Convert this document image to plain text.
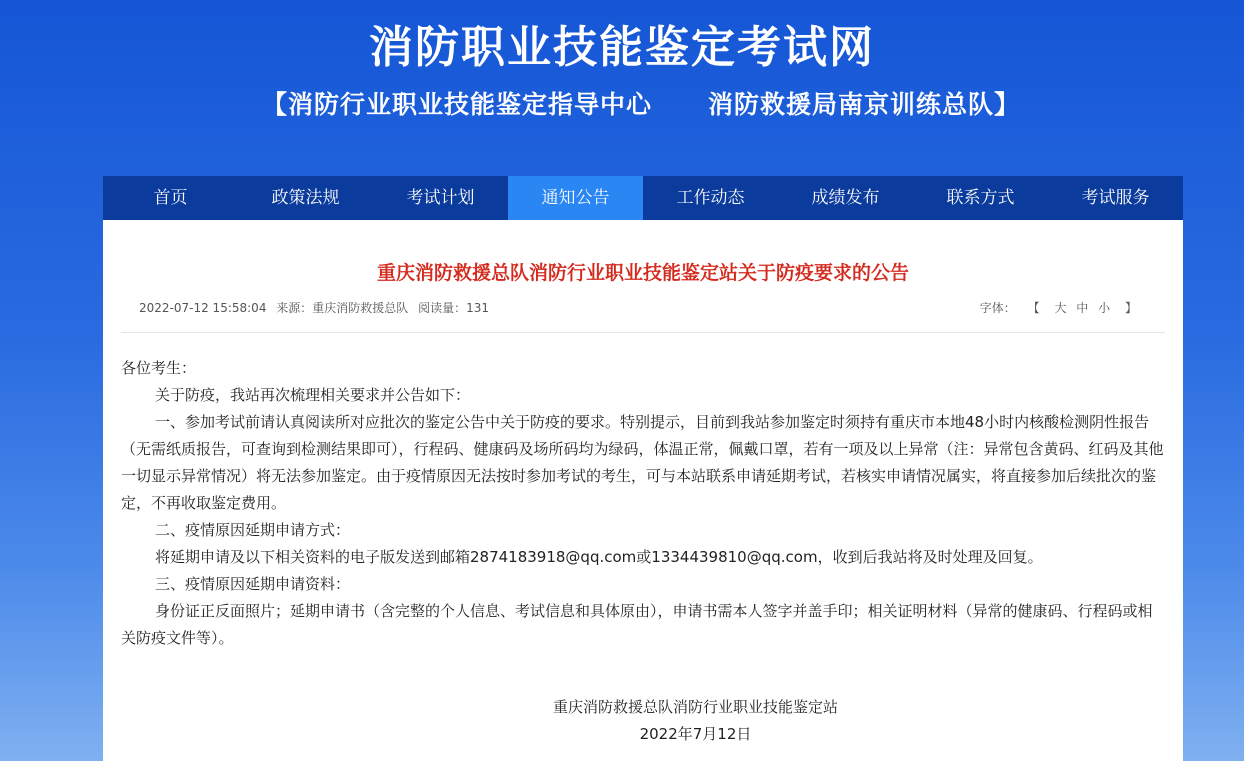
消防职业技能鉴定考试网
【消防行业职业技能鉴定指导中心 消防救援局南京训练总队】
首页	政策法规	考试计划	通知公告	工作动态	成绩发布	联系方式	考试服务
重庆消防救援总队消防行业职业技能鉴定站关于防疫要求的公告
2022-07-12 15:58:04 来源：重庆消防救援总队 阅读量：131	字体： 【 大 中 小 】

各位考生：

关于防疫，我站再次梳理相关要求并公告如下：

一、参加考试前请认真阅读所对应批次的鉴定公告中关于防疫的要求。特别提示，目前到我站参加鉴定时须持有重庆市本地48小时内核酸检测阴性报告（无需纸质报告，可查询到检测结果即可），行程码、健康码及场所码均为绿码，体温正常，佩戴口罩，若有一项及以上异常（注：异常包含黄码、红码及其他一切显示异常情况）将无法参加鉴定。由于疫情原因无法按时参加考试的考生，可与本站联系申请延期考试，若核实申请情况属实，将直接参加后续批次的鉴定，不再收取鉴定费用。

二、疫情原因延期申请方式：

将延期申请及以下相关资料的电子版发送到邮箱2874183918@qq.com或1334439810@qq.com，收到后我站将及时处理及回复。

三、疫情原因延期申请资料：

身份证正反面照片；延期申请书（含完整的个人信息、考试信息和具体原由），申请书需本人签字并盖手印；相关证明材料（异常的健康码、行程码或相关防疫文件等）。

重庆消防救援总队消防行业职业技能鉴定站
2022年7月12日
